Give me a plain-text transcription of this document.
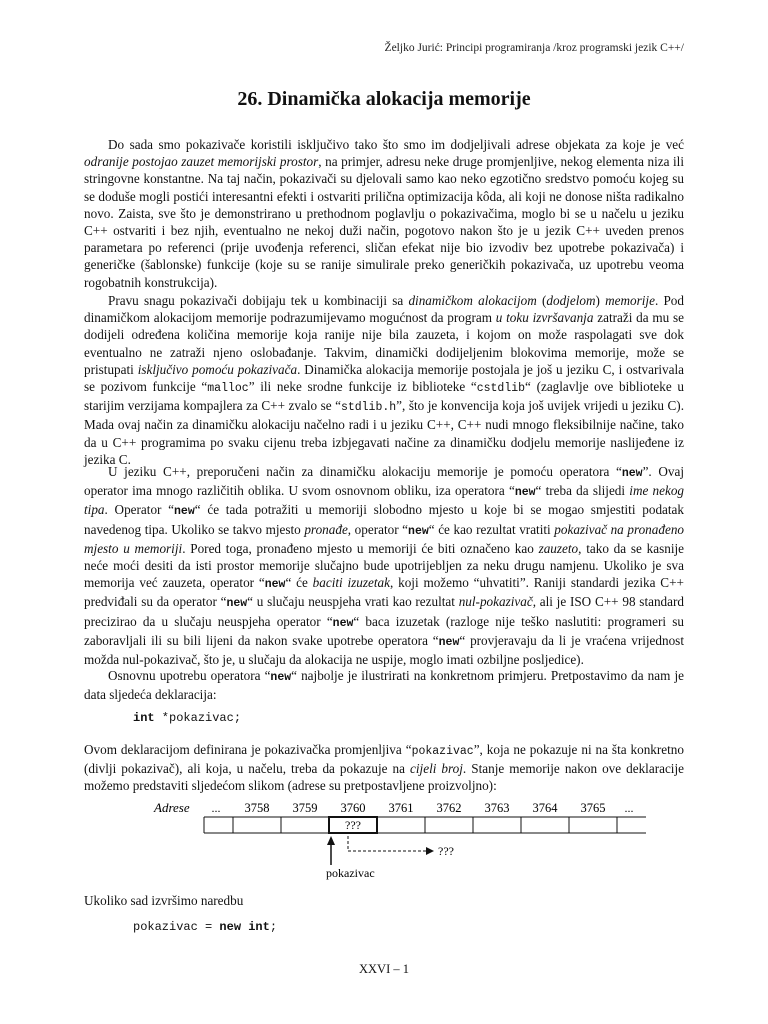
Željko Jurić: Principi programiranja /kroz programski jezik C++/
26. Dinamička alokacija memorije

Do sada smo pokazivače koristili isključivo tako što smo im dodjeljivali adrese objekata za koje je već odranije postojao zauzet memorijski prostor, na primjer, adresu neke druge promjenljive, nekog elementa niza ili stringovne konstantne. Na taj način, pokazivači su djelovali samo kao neko egzotično sredstvo pomoću kojeg su se doduše mogli postići interesantni efekti i ostvariti prilična optimizacija kôda, ali koji ne donose ništa radikalno novo. Zaista, sve što je demonstrirano u prethodnom poglavlju o pokazivačima, moglo bi se u načelu u jeziku C++ ostvariti i bez njih, eventualno ne nekoj duži način, pogotovo nakon što je u jezik C++ uveden prenos parametara po referenci (prije uvođenja referenci, sličan efekat nije bio izvodiv bez upotrebe pokazivača) i generičke (šablonske) funkcije (koje su se ranije simulirale preko generičkih pokazivača, uz upotrebu veoma rogobatnih konstrukcija).

Pravu snagu pokazivači dobijaju tek u kombinaciji sa dinamičkom alokacijom (dodjelom) memorije. Pod dinamičkom alokacijom memorije podrazumijevamo mogućnost da program u toku izvršavanja zatraži da mu se dodijeli određena količina memorije koja ranije nije bila zauzeta, i kojom on može raspolagati sve dok eventualno ne zatraži njeno oslobađanje. Takvim, dinamički dodijeljenim blokovima memorije, može se pristupati isključivo pomoću pokazivača. Dinamička alokacija memorije postojala je još u jeziku C, i ostvarivala se pozivom funkcije “malloc” ili neke srodne funkcije iz biblioteke “cstdlib“ (zaglavlje ove biblioteke u starijim verzijama kompajlera za C++ zvalo se “stdlib.h”, što je konvencija koja još uvijek vrijedi u jeziku C). Mada ovaj način za dinamičku alokaciju načelno radi i u jeziku C++, C++ nudi mnogo fleksibilnije načine, tako da u C++ programima po svaku cijenu treba izbjegavati načine za dinamičku dodjelu memorije naslijeđene iz jezika C.

U jeziku C++, preporučeni način za dinamičku alokaciju memorije je pomoću operatora “new”. Ovaj operator ima mnogo različitih oblika. U svom osnovnom obliku, iza operatora “new“ treba da slijedi ime nekog tipa. Operator “new“ će tada potražiti u memoriji slobodno mjesto u koje bi se mogao smjestiti podatak navedenog tipa. Ukoliko se takvo mjesto pronađe, operator “new“ će kao rezultat vratiti pokazivač na pronađeno mjesto u memoriji. Pored toga, pronađeno mjesto u memoriji će biti označeno kao zauzeto, tako da se kasnije neće moći desiti da isti prostor memorije slučajno bude upotrijebljen za neku drugu namjenu. Ukoliko je sva memorija već zauzeta, operator “new“ će baciti izuzetak, koji možemo “uhvatiti”. Raniji standardi jezika C++ predviđali su da operator “new“ u slučaju neuspjeha vrati kao rezultat nul-pokazivač, ali je ISO C++ 98 standard precizirao da u slučaju neuspjeha operator “new“ baca izuzetak (razloge nije teško naslutiti: programeri su zaboravljali ili su bili lijeni da nakon svake upotrebe operatora “new“ provjeravaju da li je vraćena vrijednost možda nul-pokazivač, što je, u slučaju da alokacija ne uspije, moglo imati ozbiljne posljedice).

Osnovnu upotrebu operatora “new“ najbolje je ilustrirati na konkretnom primjeru. Pretpostavimo da nam je data sljedeća deklaracija:

int *pokazivac;

Ovom deklaracijom definirana je pokazivačka promjenljiva “pokazivac”, koja ne pokazuje ni na šta konkretno (divlji pokazivač), ali koja, u načelu, treba da pokazuje na cijeli broj. Stanje memorije nakon ove deklaracije možemo predstaviti sljedećom slikom (adrese su pretpostavljene proizvoljno):

Adrese ... 3758 3759 3760 3761 3762 3763 3764 3765 ...
???
???
pokazivac

Ukoliko sad izvršimo naredbu

pokazivac = new int;
XXVI – 1
